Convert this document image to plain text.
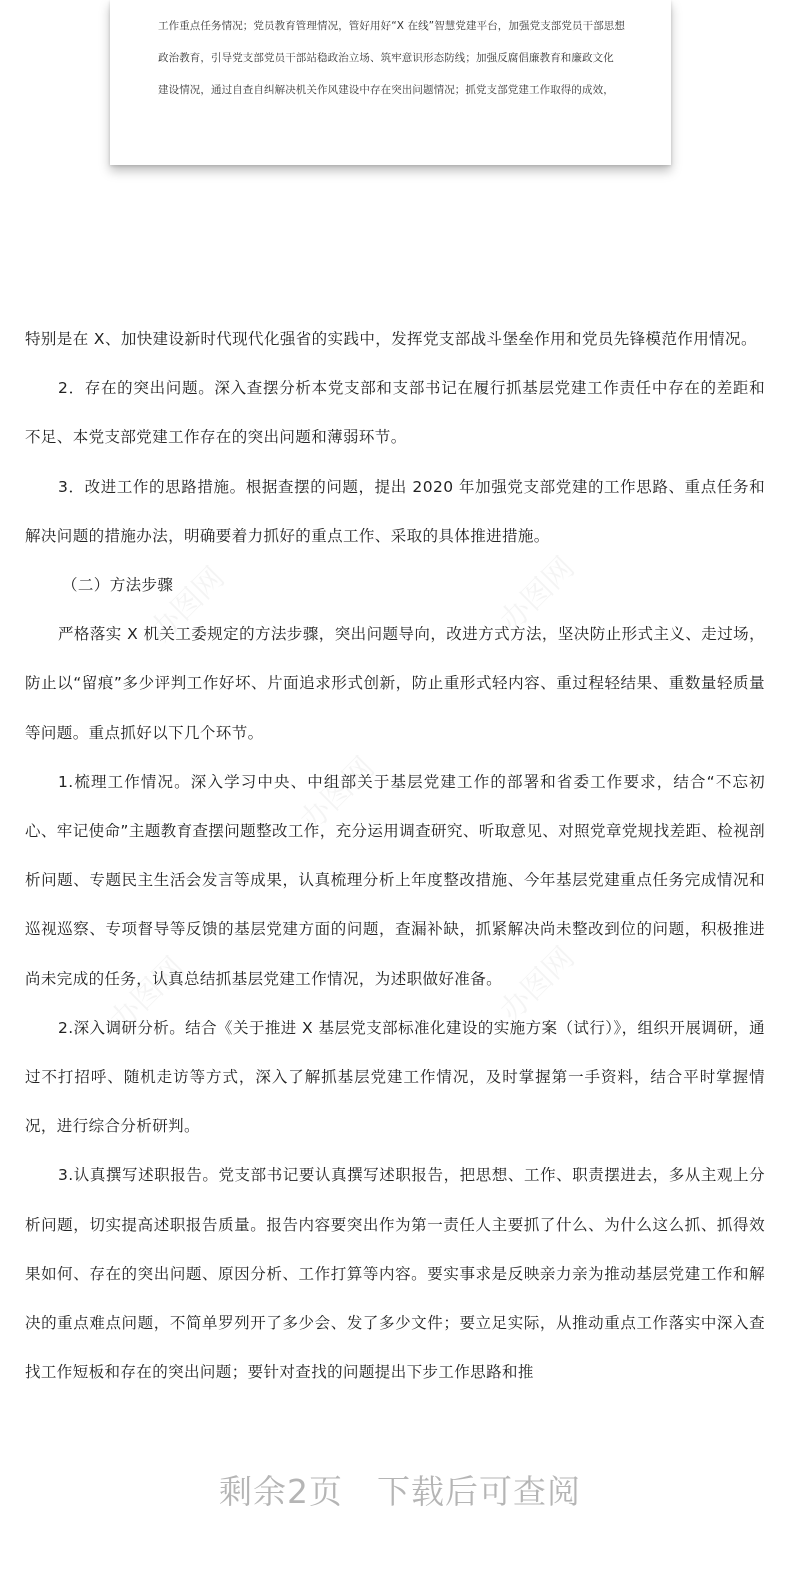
工作重点任务情况；党员教育管理情况，管好用好“X 在线”智慧党建平台，加强党支部党员干部思想
政治教育，引导党支部党员干部站稳政治立场、筑牢意识形态防线；加强反腐倡廉教育和廉政文化
建设情况，通过自查自纠解决机关作风建设中存在突出问题情况；抓党支部党建工作取得的成效，

特别是在 X、加快建设新时代现代化强省的实践中，发挥党支部战斗堡垒作用和党员先锋模范作用情况。

2．存在的突出问题。深入查摆分析本党支部和支部书记在履行抓基层党建工作责任中存在的差距和不足、本党支部党建工作存在的突出问题和薄弱环节。

3．改进工作的思路措施。根据查摆的问题，提出 2020 年加强党支部党建的工作思路、重点任务和解决问题的措施办法，明确要着力抓好的重点工作、采取的具体推进措施。

（二）方法步骤

严格落实 X 机关工委规定的方法步骤，突出问题导向，改进方式方法，坚决防止形式主义、走过场，防止以“留痕”多少评判工作好坏、片面追求形式创新，防止重形式轻内容、重过程轻结果、重数量轻质量等问题。重点抓好以下几个环节。

1.梳理工作情况。深入学习中央、中组部关于基层党建工作的部署和省委工作要求，结合“不忘初心、牢记使命”主题教育查摆问题整改工作，充分运用调查研究、听取意见、对照党章党规找差距、检视剖析问题、专题民主生活会发言等成果，认真梳理分析上年度整改措施、今年基层党建重点任务完成情况和巡视巡察、专项督导等反馈的基层党建方面的问题，查漏补缺，抓紧解决尚未整改到位的问题，积极推进尚未完成的任务，认真总结抓基层党建工作情况，为述职做好准备。

2.深入调研分析。结合《关于推进 X 基层党支部标准化建设的实施方案（试行）》，组织开展调研，通过不打招呼、随机走访等方式，深入了解抓基层党建工作情况，及时掌握第一手资料，结合平时掌握情况，进行综合分析研判。

3.认真撰写述职报告。党支部书记要认真撰写述职报告，把思想、工作、职责摆进去，多从主观上分析问题，切实提高述职报告质量。报告内容要突出作为第一责任人主要抓了什么、为什么这么抓、抓得效果如何、存在的突出问题、原因分析、工作打算等内容。要实事求是反映亲力亲为推动基层党建工作和解决的重点难点问题，不简单罗列开了多少会、发了多少文件；要立足实际，从推动重点工作落实中深入查找工作短板和存在的突出问题；要针对查找的问题提出下步工作思路和推

剩余2页　下载后可查阅
